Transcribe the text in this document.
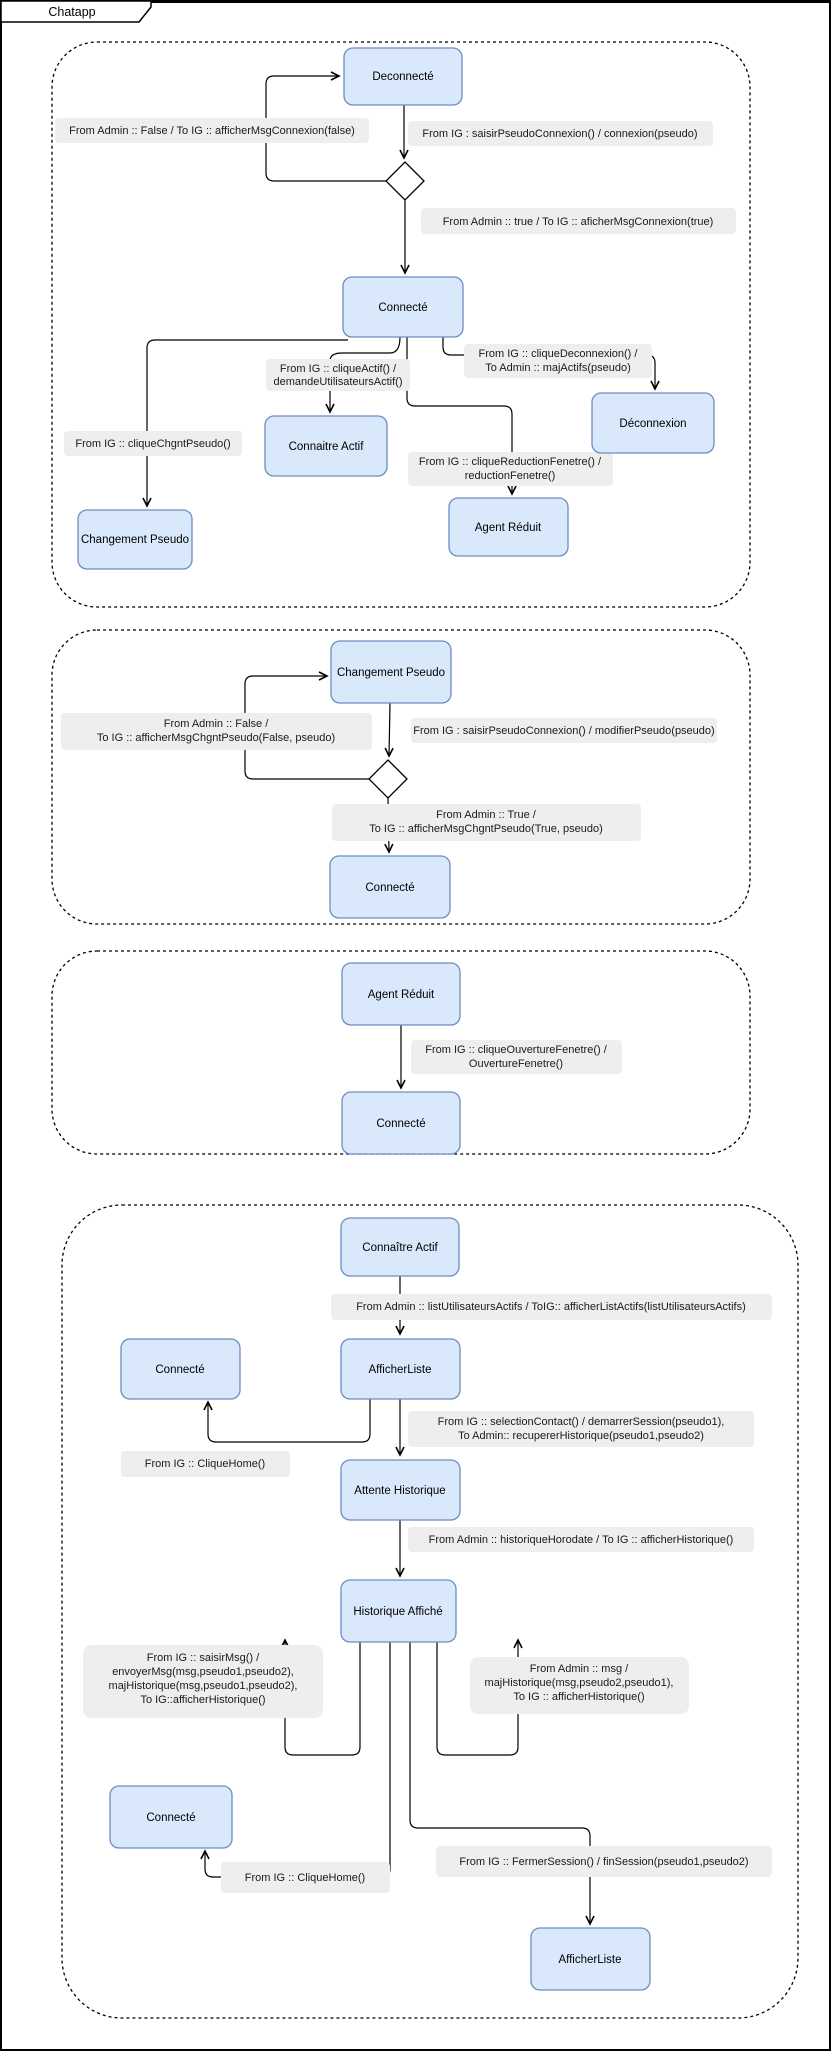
Chatapp
From Admin :: False / To IG :: afficherMsgConnexion(false)	From IG : saisirPseudoConnexion() / connexion(pseudo)
From Admin :: true / To IG :: aficherMsgConnexion(true)
From IG :: cliqueActif() /
demandeUtilisateursActif()
From IG :: cliqueDeconnexion() /
To Admin :: majActifs(pseudo)
From IG :: cliqueChgntPseudo()
From IG :: cliqueReductionFenetre() /
reductionFenetre()
From Admin :: False /
To IG :: afficherMsgChgntPseudo(False, pseudo)
From IG : saisirPseudoConnexion() / modifierPseudo(pseudo)
From Admin :: True /
To IG :: afficherMsgChgntPseudo(True, pseudo)
From IG :: cliqueOuvertureFenetre() /
OuvertureFenetre()
From Admin :: listUtilisateursActifs / ToIG:: afficherListActifs(listUtilisateursActifs)
From IG :: selectionContact() / demarrerSession(pseudo1),
To Admin:: recupererHistorique(pseudo1,pseudo2)
From IG :: CliqueHome()
From Admin :: historiqueHorodate / To IG :: afficherHistorique()
From IG :: saisirMsg() /
envoyerMsg(msg,pseudo1,pseudo2),
majHistorique(msg,pseudo1,pseudo2),
To IG::afficherHistorique()
From Admin :: msg /
majHistorique(msg,pseudo2,pseudo1),
To IG :: afficherHistorique()
From IG :: CliqueHome()
From IG :: FermerSession() / finSession(pseudo1,pseudo2)
Deconnecté
Connecté
Connaitre Actif
Changement Pseudo
Agent Réduit
Déconnexion
Changement Pseudo
Connecté
Agent Réduit
Connecté
Connaître Actif
AfficherListe
Connecté
Attente Historique
Historique Affiché
Connecté
AfficherListe
